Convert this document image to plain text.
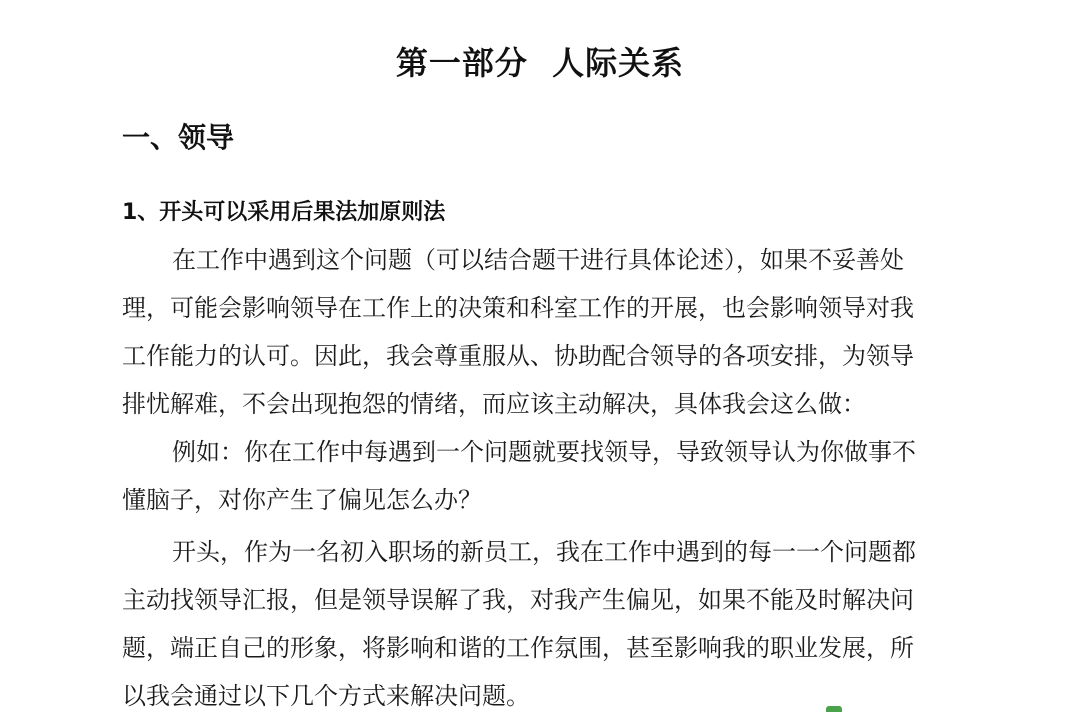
第一部分  人际关系
一、领导
1、开头可以采用后果法加原则法
在工作中遇到这个问题（可以结合题干进行具体论述），如果不妥善处
理，可能会影响领导在工作上的决策和科室工作的开展，也会影响领导对我
工作能力的认可。因此，我会尊重服从、协助配合领导的各项安排，为领导
排忧解难，不会出现抱怨的情绪，而应该主动解决，具体我会这么做：
例如：你在工作中每遇到一个问题就要找领导，导致领导认为你做事不
懂脑子，对你产生了偏见怎么办？
开头，作为一名初入职场的新员工，我在工作中遇到的每一一个问题都
主动找领导汇报，但是领导误解了我，对我产生偏见，如果不能及时解决问
题，端正自己的形象，将影响和谐的工作氛围，甚至影响我的职业发展，所
以我会通过以下几个方式来解决问题。
